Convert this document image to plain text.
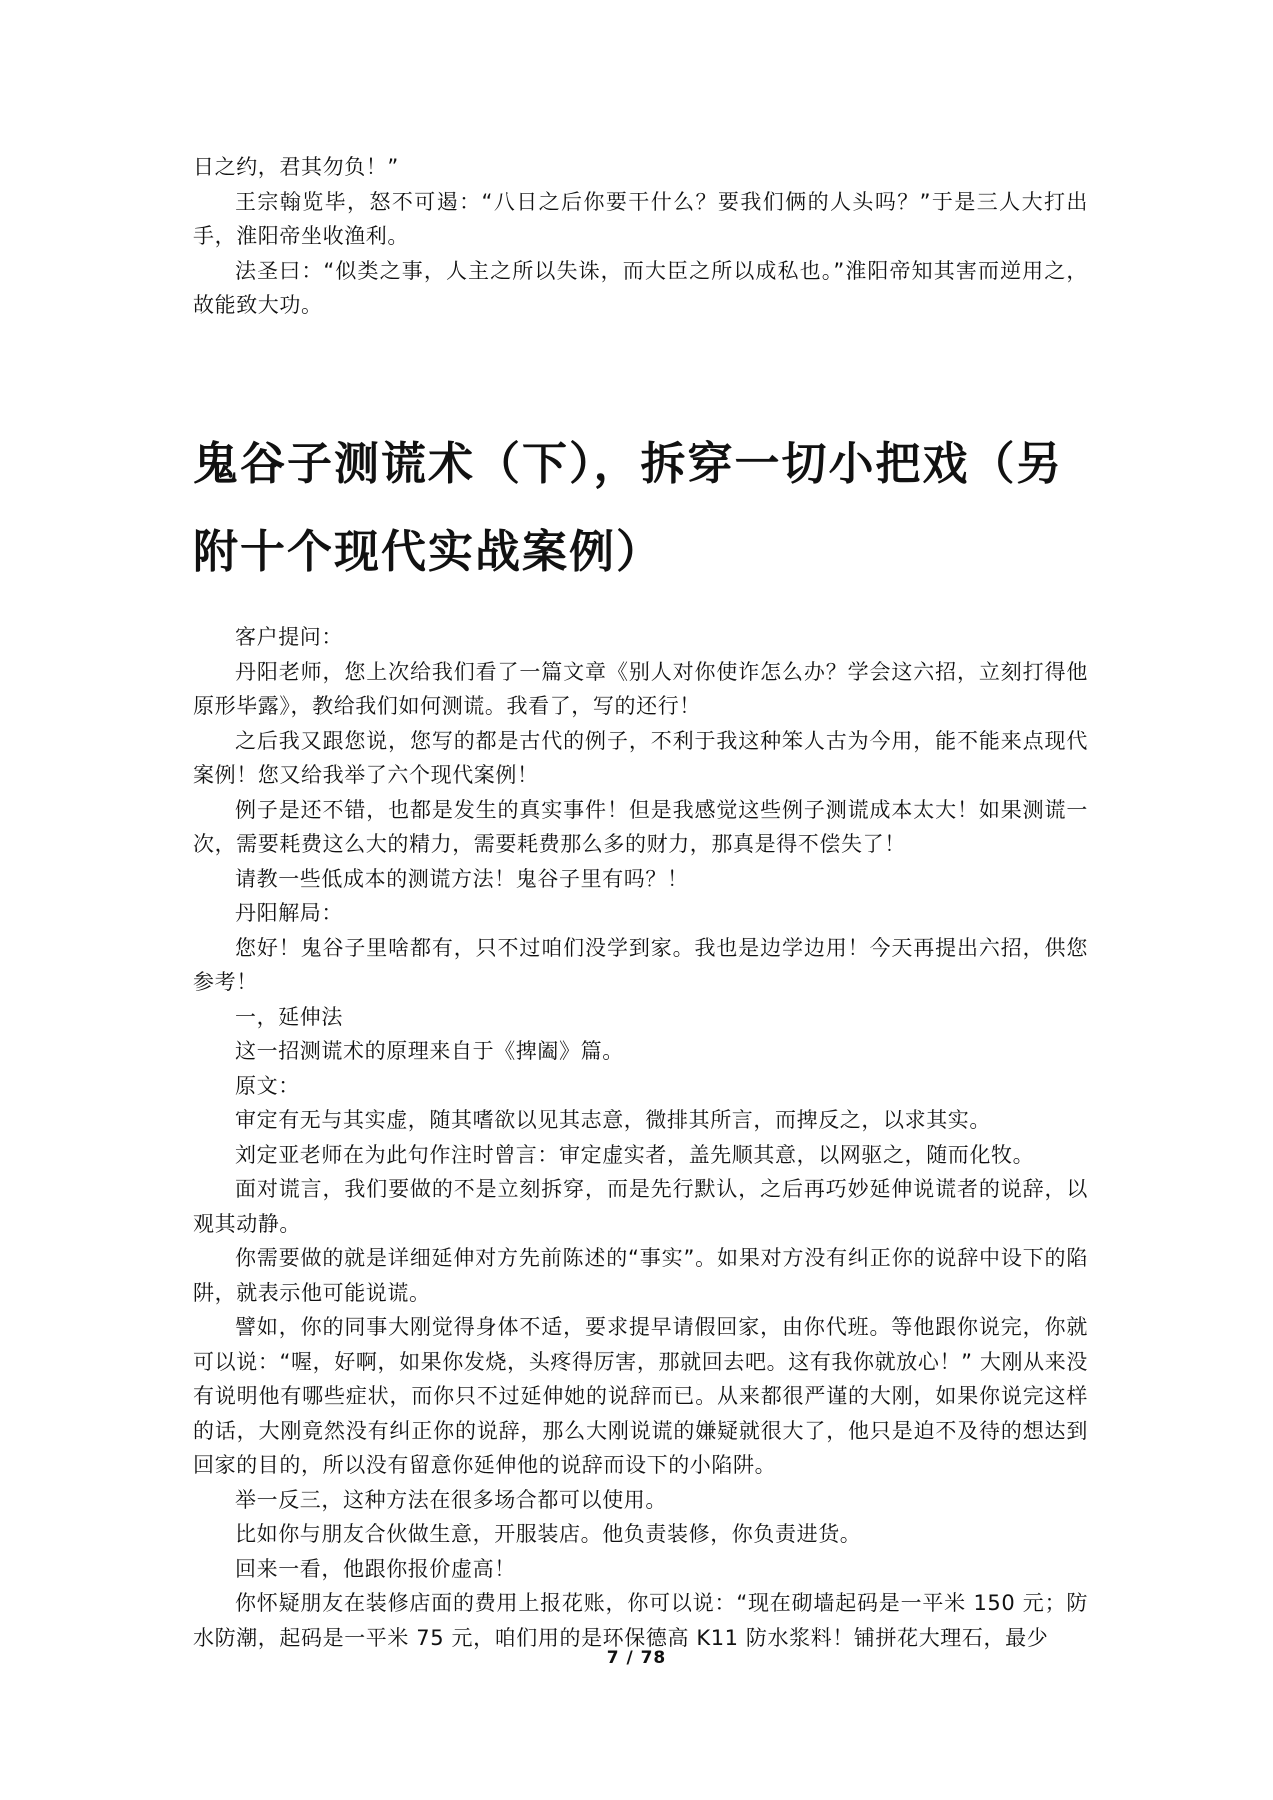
日之约，君其勿负！”

王宗翰览毕，怒不可遏：“八日之后你要干什么？要我们俩的人头吗？”于是三人大打出手，淮阳帝坐收渔利。

法圣曰：“似类之事，人主之所以失诛，而大臣之所以成私也。”淮阳帝知其害而逆用之，故能致大功。

鬼谷子测谎术（下），拆穿一切小把戏（另附十个现代实战案例）

客户提问：

丹阳老师，您上次给我们看了一篇文章《别人对你使诈怎么办？学会这六招，立刻打得他原形毕露》，教给我们如何测谎。我看了，写的还行！

之后我又跟您说，您写的都是古代的例子，不利于我这种笨人古为今用，能不能来点现代案例！您又给我举了六个现代案例！

例子是还不错，也都是发生的真实事件！但是我感觉这些例子测谎成本太大！如果测谎一次，需要耗费这么大的精力，需要耗费那么多的财力，那真是得不偿失了！

请教一些低成本的测谎方法！鬼谷子里有吗？！

丹阳解局：

您好！鬼谷子里啥都有，只不过咱们没学到家。我也是边学边用！今天再提出六招，供您参考！

一，延伸法

这一招测谎术的原理来自于《捭阖》篇。

原文：

审定有无与其实虚，随其嗜欲以见其志意，微排其所言，而捭反之，以求其实。

刘定亚老师在为此句作注时曾言：审定虚实者，盖先顺其意，以网驱之，随而化牧。

面对谎言，我们要做的不是立刻拆穿，而是先行默认，之后再巧妙延伸说谎者的说辞，以观其动静。

你需要做的就是详细延伸对方先前陈述的“事实”。如果对方没有纠正你的说辞中设下的陷阱，就表示他可能说谎。

譬如，你的同事大刚觉得身体不适，要求提早请假回家，由你代班。等他跟你说完，你就可以说：“喔，好啊，如果你发烧，头疼得厉害，那就回去吧。这有我你就放心！” 大刚从来没有说明他有哪些症状，而你只不过延伸她的说辞而已。从来都很严谨的大刚，如果你说完这样的话，大刚竟然没有纠正你的说辞，那么大刚说谎的嫌疑就很大了，他只是迫不及待的想达到回家的目的，所以没有留意你延伸他的说辞而设下的小陷阱。

举一反三，这种方法在很多场合都可以使用。

比如你与朋友合伙做生意，开服装店。他负责装修，你负责进货。

回来一看，他跟你报价虚高！

你怀疑朋友在装修店面的费用上报花账，你可以说：“现在砌墙起码是一平米 150 元；防水防潮，起码是一平米 75 元，咱们用的是环保德高 K11 防水浆料！铺拼花大理石，最少

7 / 78
